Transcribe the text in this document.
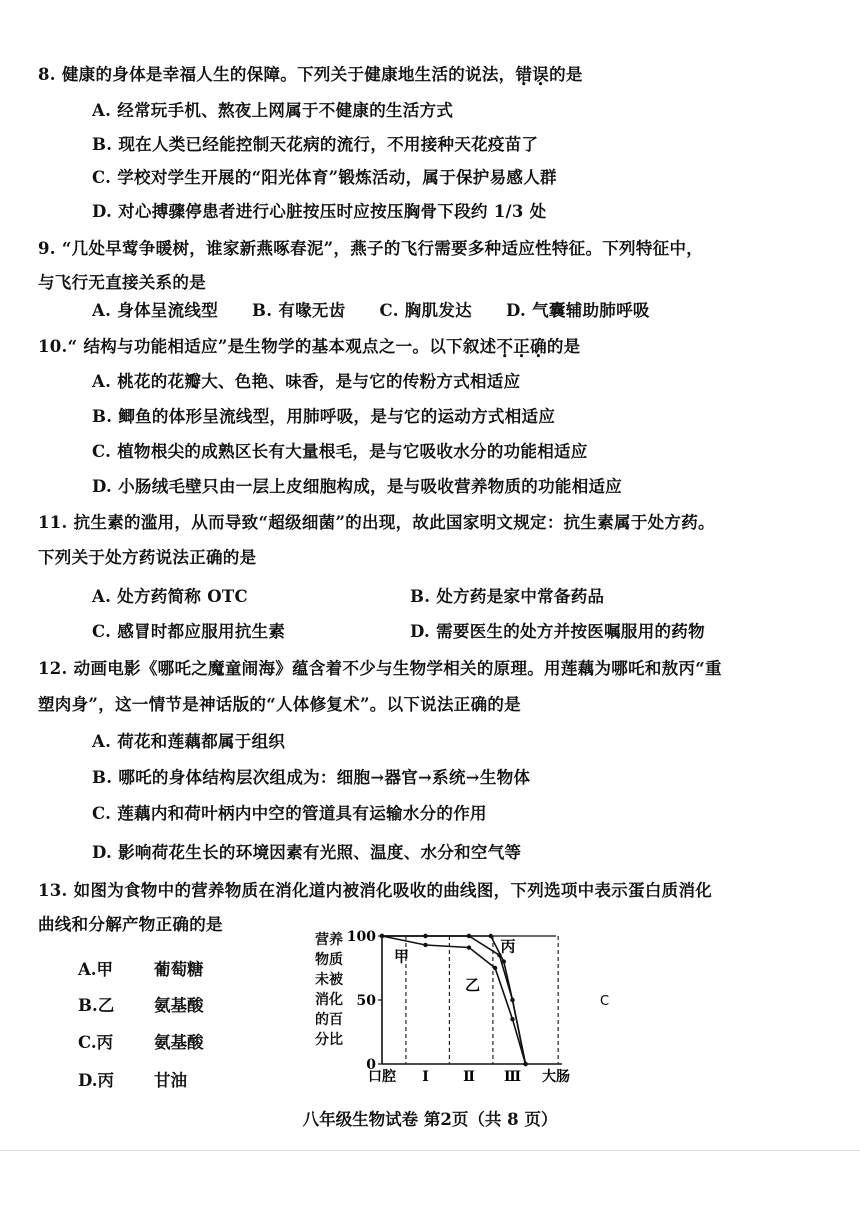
8. 健康的身体是幸福人生的保障。下列关于健康地生活的说法，错误的是
A. 经常玩手机、熬夜上网属于不健康的生活方式
B. 现在人类已经能控制天花病的流行，不用接种天花疫苗了
C. 学校对学生开展的“阳光体育”锻炼活动，属于保护易感人群
D. 对心搏骤停患者进行心脏按压时应按压胸骨下段约 1/3 处
9. “几处早莺争暖树，谁家新燕啄春泥”，燕子的飞行需要多种适应性特征。下列特征中，
与飞行无直接关系的是
A. 身体呈流线型 B. 有喙无齿 C. 胸肌发达 D. 气囊辅助肺呼吸
10.“ 结构与功能相适应”是生物学的基本观点之一。以下叙述不正确的是
A. 桃花的花瓣大、色艳、味香，是与它的传粉方式相适应
B. 鲫鱼的体形呈流线型，用肺呼吸，是与它的运动方式相适应
C. 植物根尖的成熟区长有大量根毛，是与它吸收水分的功能相适应
D. 小肠绒毛壁只由一层上皮细胞构成，是与吸收营养物质的功能相适应
11. 抗生素的滥用，从而导致“超级细菌”的出现，故此国家明文规定：抗生素属于处方药。
下列关于处方药说法正确的是
A. 处方药简称 OTC	B. 处方药是家中常备药品
C. 感冒时都应服用抗生素	D. 需要医生的处方并按医嘱服用的药物
12. 动画电影《哪吒之魔童闹海》蕴含着不少与生物学相关的原理。用莲藕为哪吒和敖丙“重
塑肉身”，这一情节是神话版的“人体修复术”。以下说法正确的是
A. 荷花和莲藕都属于组织
B. 哪吒的身体结构层次组成为：细胞→器官→系统→生物体
C. 莲藕内和荷叶柄内中空的管道具有运输水分的作用
D. 影响荷花生长的环境因素有光照、温度、水分和空气等
13. 如图为食物中的营养物质在消化道内被消化吸收的曲线图，下列选项中表示蛋白质消化
曲线和分解产物正确的是
A.甲 葡萄糖
B.乙 氨基酸
C.丙 氨基酸
D.丙 甘油
营养
物质
未被
消化
的百
分比
100
50
0
口腔 Ⅰ Ⅱ Ⅲ 大肠
甲
乙
丙
C
八年级生物试卷 第2页（共 8 页）
